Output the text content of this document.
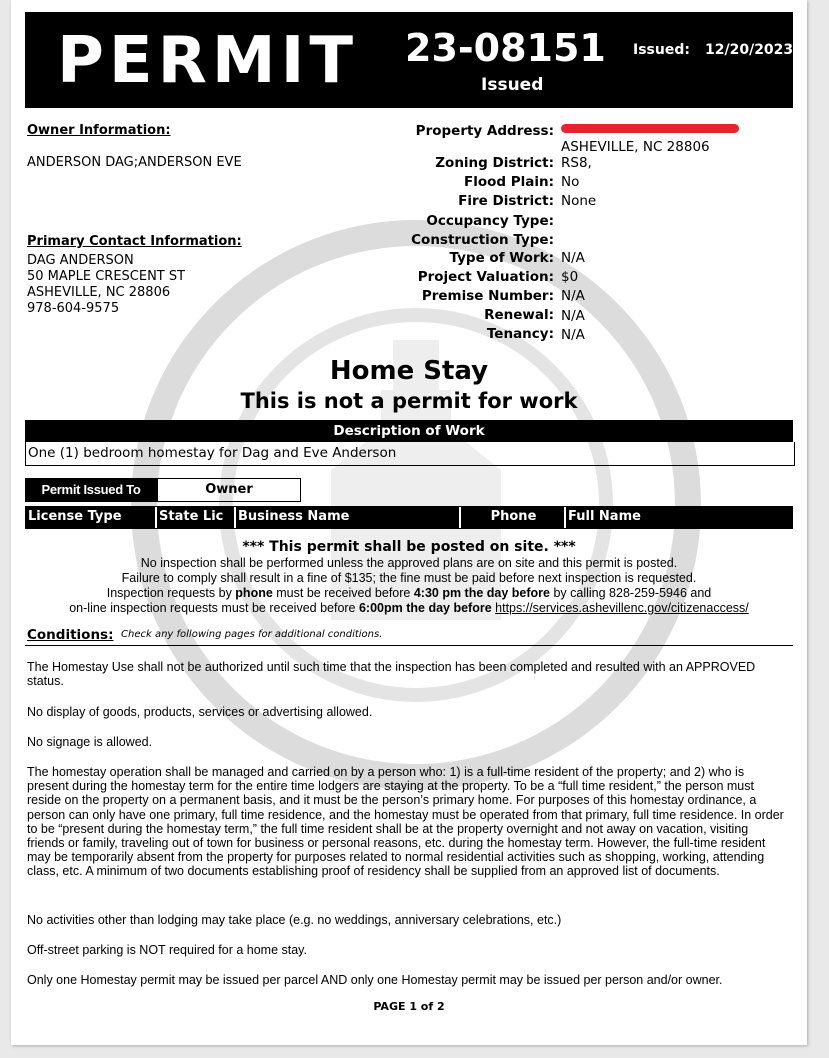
PERMIT 23-08151
Issued
Issued: 12/20/2023
Owner Information:
ANDERSON DAG;ANDERSON EVE
Primary Contact Information:
DAG ANDERSON
50 MAPLE CRESCENT ST
ASHEVILLE, NC 28806
978-604-9575
Property Address:
ASHEVILLE, NC 28806
Zoning District: RS8,
Flood Plain: No
Fire District: None
Occupancy Type:
Construction Type:
Type of Work: N/A
Project Valuation: $0
Premise Number: N/A
Renewal: N/A
Tenancy: N/A
Home Stay
This is not a permit for work
Description of Work
One (1) bedroom homestay for Dag and Eve Anderson
Permit Issued To	Owner
License Type	State Lic	Business Name	Phone	Full Name
*** This permit shall be posted on site. ***
No inspection shall be performed unless the approved plans are on site and this permit is posted.
Failure to comply shall result in a fine of $135; the fine must be paid before next inspection is requested.
Inspection requests by phone must be received before 4:30 pm the day before by calling 828-259-5946 and
on-line inspection requests must be received before 6:00pm the day before https://services.ashevillenc.gov/citizenaccess/
Conditions: Check any following pages for additional conditions.
The Homestay Use shall not be authorized until such time that the inspection has been completed and resulted with an APPROVED status.
No display of goods, products, services or advertising allowed.
No signage is allowed.
The homestay operation shall be managed and carried on by a person who: 1) is a full-time resident of the property; and 2) who is present during the homestay term for the entire time lodgers are staying at the property. To be a “full time resident,” the person must reside on the property on a permanent basis, and it must be the person’s primary home. For purposes of this homestay ordinance, a person can only have one primary, full time residence, and the homestay must be operated from that primary, full time residence. In order to be “present during the homestay term,” the full time resident shall be at the property overnight and not away on vacation, visiting friends or family, traveling out of town for business or personal reasons, etc. during the homestay term. However, the full-time resident may be temporarily absent from the property for purposes related to normal residential activities such as shopping, working, attending class, etc. A minimum of two documents establishing proof of residency shall be supplied from an approved list of documents.
No activities other than lodging may take place (e.g. no weddings, anniversary celebrations, etc.)
Off-street parking is NOT required for a home stay.
Only one Homestay permit may be issued per parcel AND only one Homestay permit may be issued per person and/or owner.
PAGE 1 of 2
